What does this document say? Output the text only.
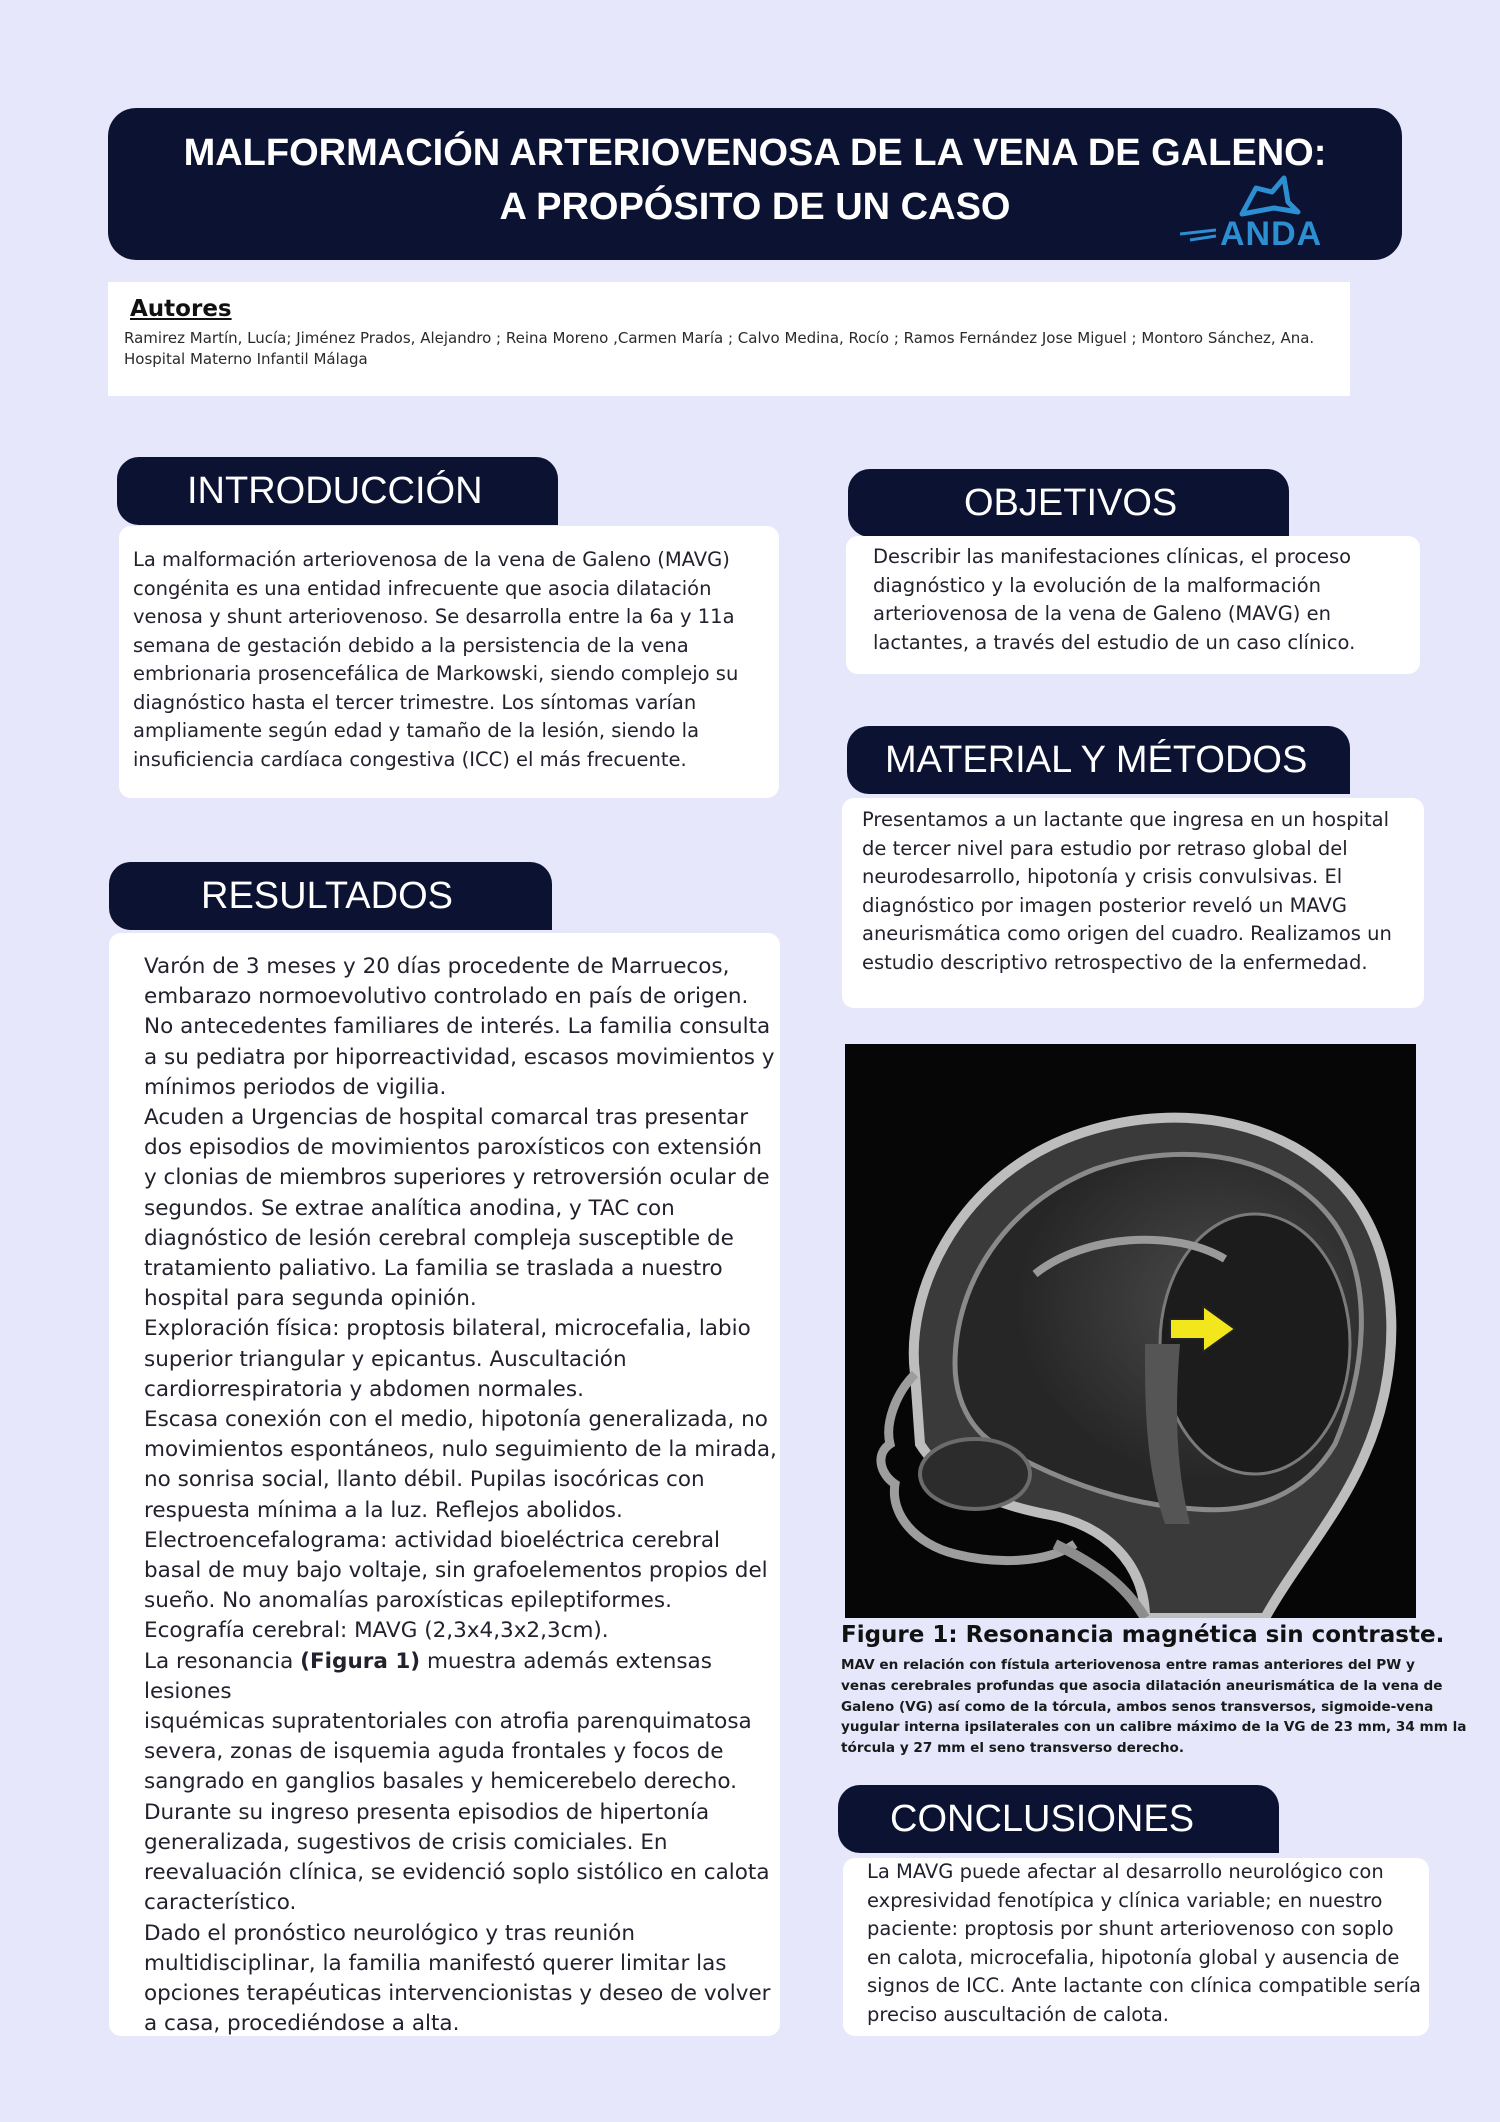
MALFORMACIÓN ARTERIOVENOSA DE LA VENA DE GALENO:
A PROPÓSITO DE UN CASO
ANDA
Autores
Ramirez Martín, Lucía; Jiménez Prados, Alejandro ; Reina Moreno ,Carmen María ; Calvo Medina, Rocío ; Ramos Fernández Jose Miguel ; Montoro Sánchez, Ana.
Hospital Materno Infantil Málaga
INTRODUCCIÓN

La malformación arteriovenosa de la vena de Galeno (MAVG)

congénita es una entidad infrecuente que asocia dilatación

venosa y shunt arteriovenoso. Se desarrolla entre la 6a y 11a

semana de gestación debido a la persistencia de la vena

embrionaria prosencefálica de Markowski, siendo complejo su

diagnóstico hasta el tercer trimestre. Los síntomas varían

ampliamente según edad y tamaño de la lesión, siendo la

insuficiencia cardíaca congestiva (ICC) el más frecuente.

OBJETIVOS

Describir las manifestaciones clínicas, el proceso

diagnóstico y la evolución de la malformación

arteriovenosa de la vena de Galeno (MAVG) en

lactantes, a través del estudio de un caso clínico.

MATERIAL Y MÉTODOS

Presentamos a un lactante que ingresa en un hospital

de tercer nivel para estudio por retraso global del

neurodesarrollo, hipotonía y crisis convulsivas. El

diagnóstico por imagen posterior reveló un MAVG

aneurismática como origen del cuadro. Realizamos un

estudio descriptivo retrospectivo de la enfermedad.

RESULTADOS

Varón de 3 meses y 20 días procedente de Marruecos,

embarazo normoevolutivo controlado en país de origen.

No antecedentes familiares de interés. La familia consulta

a su pediatra por hiporreactividad, escasos movimientos y

mínimos periodos de vigilia.

Acuden a Urgencias de hospital comarcal tras presentar

dos episodios de movimientos paroxísticos con extensión

y clonias de miembros superiores y retroversión ocular de

segundos. Se extrae analítica anodina, y TAC con

diagnóstico de lesión cerebral compleja susceptible de

tratamiento paliativo. La familia se traslada a nuestro

hospital para segunda opinión.

Exploración física: proptosis bilateral, microcefalia, labio

superior triangular y epicantus. Auscultación

cardiorrespiratoria y abdomen normales.

Escasa conexión con el medio, hipotonía generalizada, no

movimientos espontáneos, nulo seguimiento de la mirada,

no sonrisa social, llanto débil. Pupilas isocóricas con

respuesta mínima a la luz. Reflejos abolidos.

Electroencefalograma: actividad bioeléctrica cerebral

basal de muy bajo voltaje, sin grafoelementos propios del

sueño. No anomalías paroxísticas epileptiformes.

Ecografía cerebral: MAVG (2,3x4,3x2,3cm).

La resonancia (Figura 1) muestra además extensas lesiones

isquémicas supratentoriales con atrofia parenquimatosa

severa, zonas de isquemia aguda frontales y focos de

sangrado en ganglios basales y hemicerebelo derecho.

Durante su ingreso presenta episodios de hipertonía

generalizada, sugestivos de crisis comiciales. En

reevaluación clínica, se evidenció soplo sistólico en calota

característico.

Dado el pronóstico neurológico y tras reunión

multidisciplinar, la familia manifestó querer limitar las

opciones terapéuticas intervencionistas y deseo de volver

a casa, procediéndose a alta.

Figure 1: Resonancia magnética sin contraste.
MAV en relación con fístula arteriovenosa entre ramas anteriores del PW y
venas cerebrales profundas que asocia dilatación aneurismática de la vena de
Galeno (VG) así como de la tórcula, ambos senos transversos, sigmoide-vena
yugular interna ipsilaterales con un calibre máximo de la VG de 23 mm, 34 mm la
tórcula y 27 mm el seno transverso derecho.
CONCLUSIONES

La MAVG puede afectar al desarrollo neurológico con

expresividad fenotípica y clínica variable; en nuestro

paciente: proptosis por shunt arteriovenoso con soplo

en calota, microcefalia, hipotonía global y ausencia de

signos de ICC. Ante lactante con clínica compatible sería

preciso auscultación de calota.
